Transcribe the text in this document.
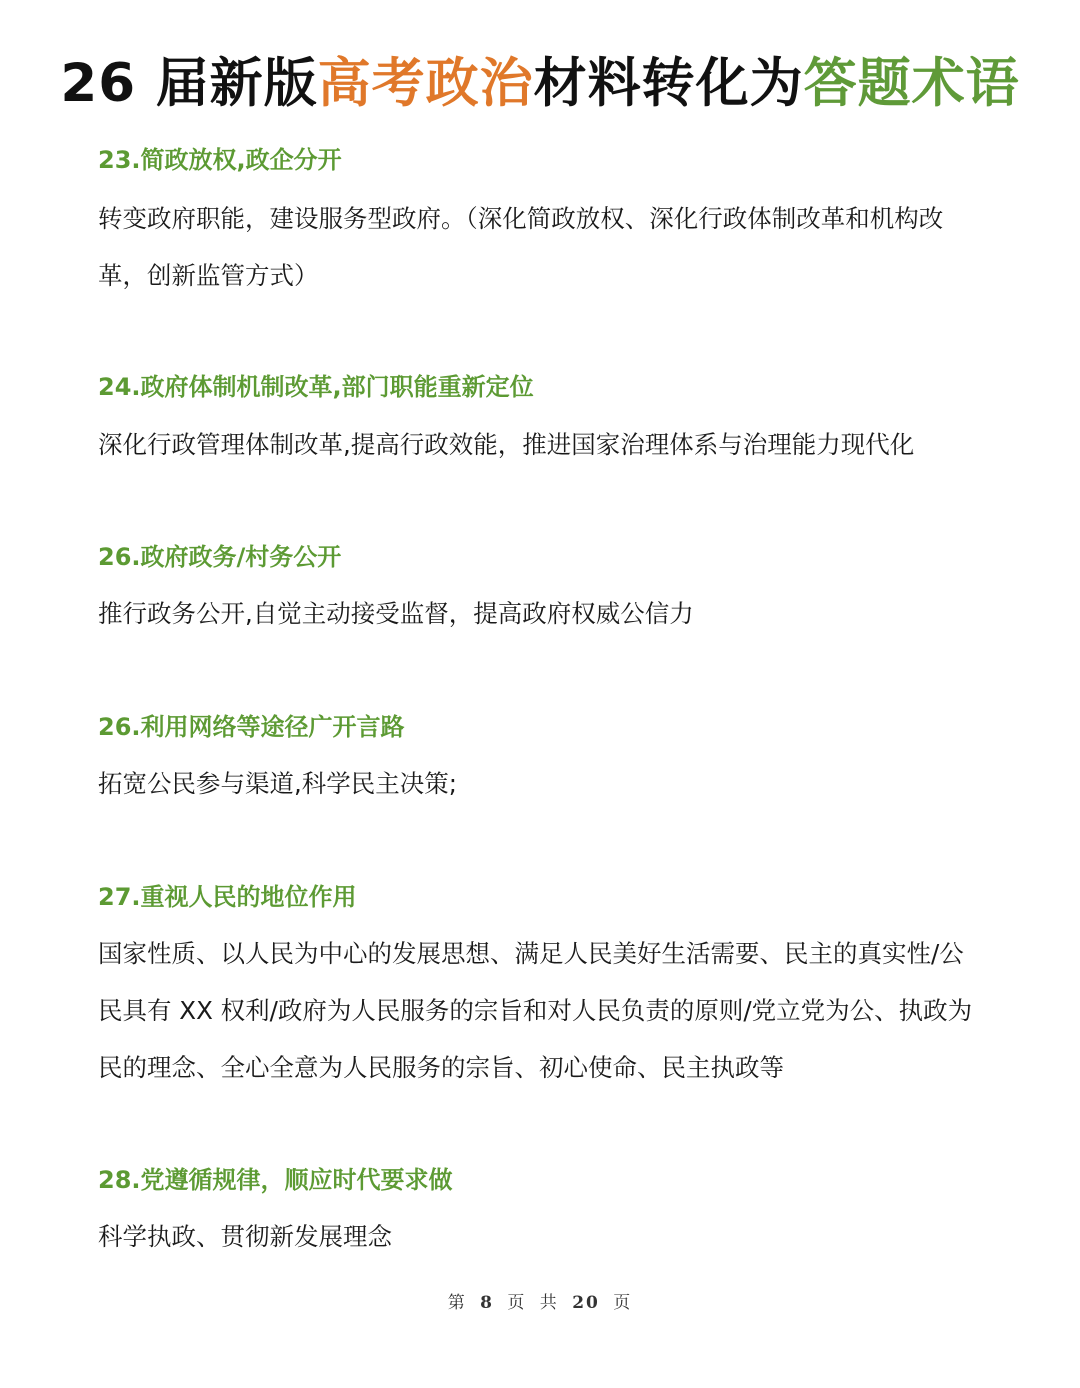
26 届新版高考政治材料转化为答题术语
23.简政放权,政企分开
转变政府职能，建设服务型政府。（深化简政放权、深化行政体制改革和机构改革，创新监管方式）
24.政府体制机制改革,部门职能重新定位
深化行政管理体制改革,提高行政效能，推进国家治理体系与治理能力现代化
26.政府政务/村务公开
推行政务公开,自觉主动接受监督，提高政府权威公信力
26.利用网络等途径广开言路
拓宽公民参与渠道,科学民主决策;
27.重视人民的地位作用
国家性质、以人民为中心的发展思想、满足人民美好生活需要、民主的真实性/公民具有 XX 权利/政府为人民服务的宗旨和对人民负责的原则/党立党为公、执政为民的理念、全心全意为人民服务的宗旨、初心使命、民主执政等
28.党遵循规律，顺应时代要求做
科学执政、贯彻新发展理念
第 8 页 共 20 页
